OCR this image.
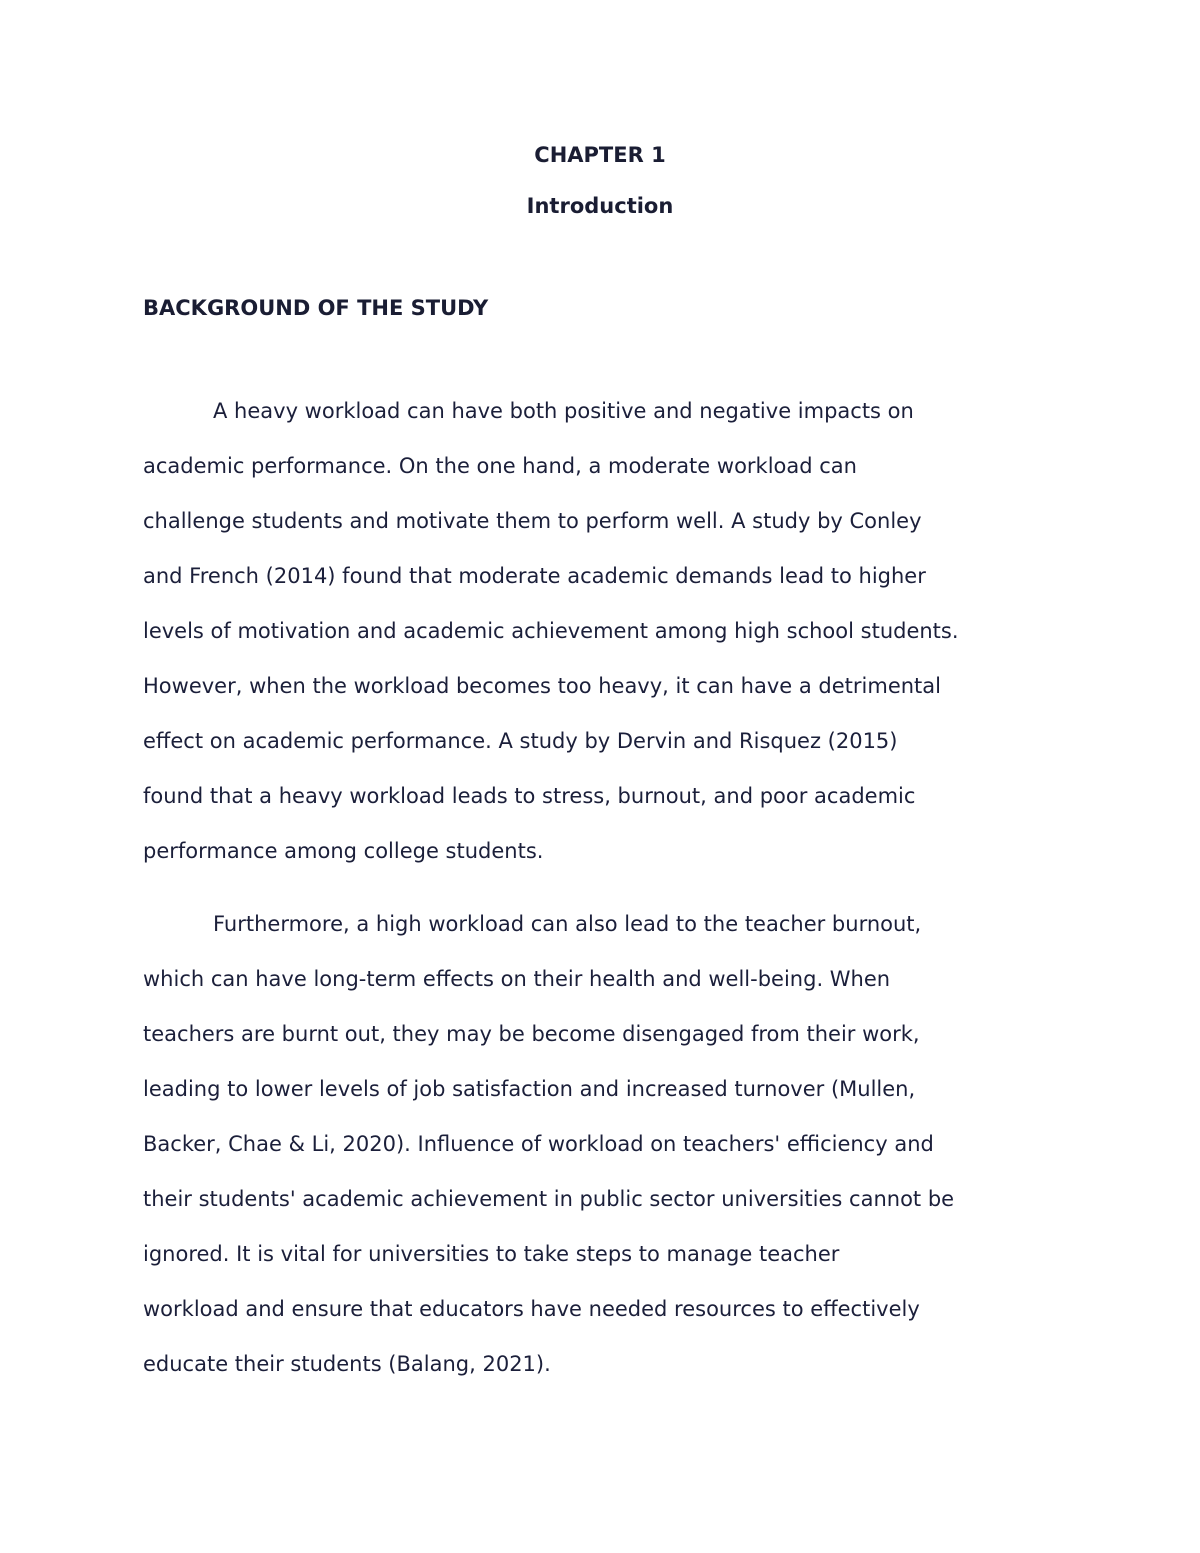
CHAPTER 1
Introduction
BACKGROUND OF THE STUDY
A heavy workload can have both positive and negative impacts on
academic performance. On the one hand, a moderate workload can
challenge students and motivate them to perform well. A study by Conley
and French (2014) found that moderate academic demands lead to higher
levels of motivation and academic achievement among high school students.
However, when the workload becomes too heavy, it can have a detrimental
effect on academic performance. A study by Dervin and Risquez (2015)
found that a heavy workload leads to stress, burnout, and poor academic
performance among college students.
Furthermore, a high workload can also lead to the teacher burnout,
which can have long-term effects on their health and well-being. When
teachers are burnt out, they may be become disengaged from their work,
leading to lower levels of job satisfaction and increased turnover (Mullen,
Backer, Chae & Li, 2020). Influence of workload on teachers' efficiency and
their students' academic achievement in public sector universities cannot be
ignored. It is vital for universities to take steps to manage teacher
workload and ensure that educators have needed resources to effectively
educate their students (Balang, 2021).
